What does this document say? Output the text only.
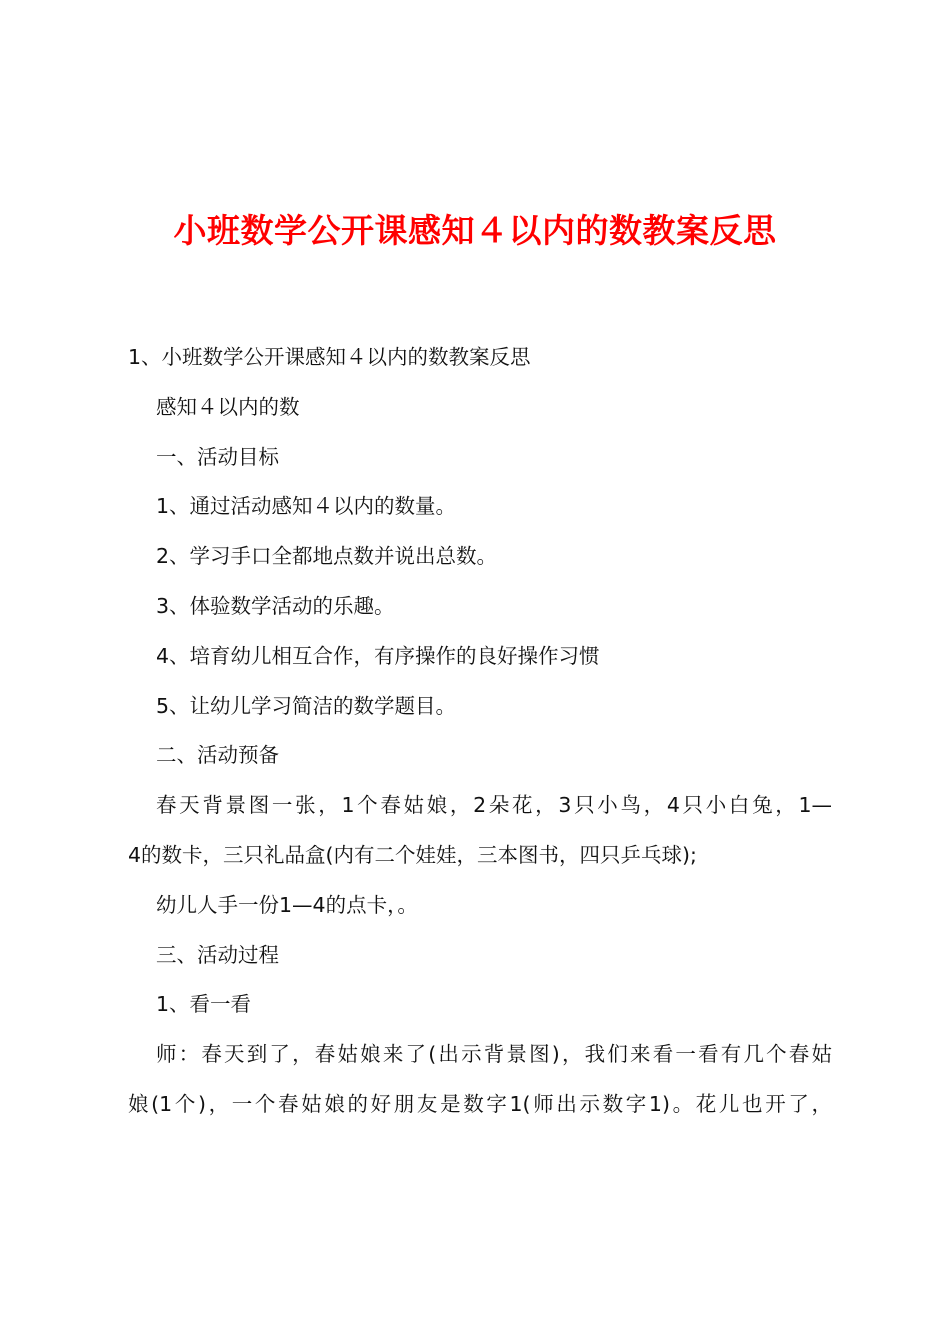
小班数学公开课感知４以内的数教案反思
1、小班数学公开课感知４以内的数教案反思
感知４以内的数
一、活动目标
1、通过活动感知４以内的数量。
2、学习手口全都地点数并说出总数。
3、体验数学活动的乐趣。
4、培育幼儿相互合作，有序操作的良好操作习惯
5、让幼儿学习简洁的数学题目。
二、活动预备
春天背景图一张，1个春姑娘，2朵花，3只小鸟，4只小白兔，1—
4的数卡，三只礼品盒(内有二个娃娃，三本图书，四只乒乓球);
幼儿人手一份1—4的点卡，。
三、活动过程
1、看一看
师：春天到了，春姑娘来了(出示背景图)，我们来看一看有几个春姑
娘(1个)，一个春姑娘的好朋友是数字1(师出示数字1)。花儿也开了，
